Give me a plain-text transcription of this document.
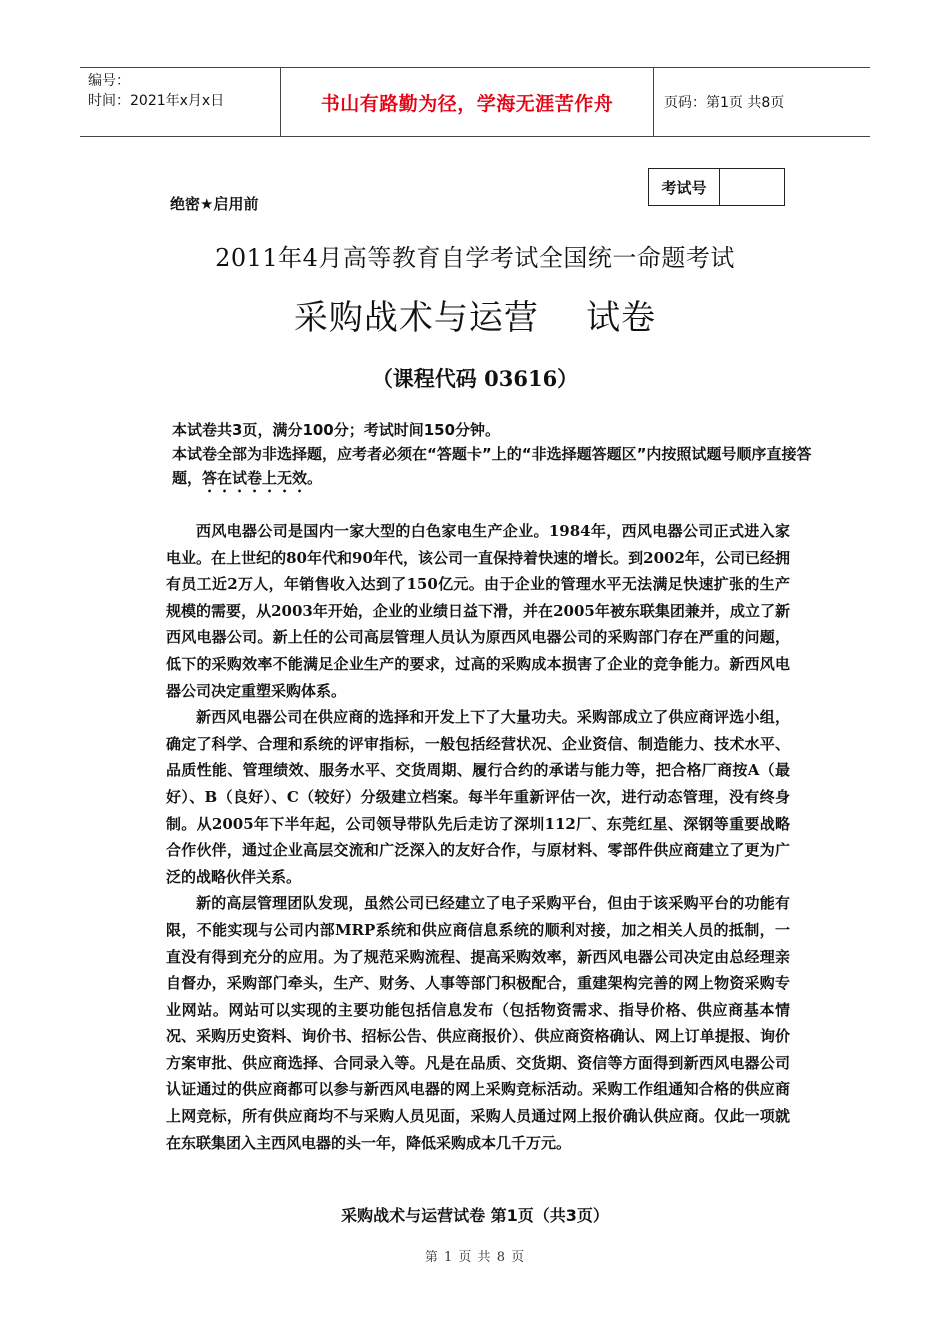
编号：
时间：2021年x月x日	书山有路勤为径，学海无涯苦作舟	页码：第1页 共8页
考试号
绝密★启用前
2011年4月高等教育自学考试全国统一命题考试
采购战术与运营    试卷
（课程代码 03616）

本试卷共3页，满分100分；考试时间150分钟。

本试卷全部为非选择题，应考者必须在“答题卡”上的“非选择题答题区”内按照试题号顺序直接答题，答在试卷上无效。

西风电器公司是国内一家大型的白色家电生产企业。1984年，西风电器公司正式进入家电业。在上世纪的80年代和90年代，该公司一直保持着快速的增长。到2002年，公司已经拥有员工近2万人，年销售收入达到了150亿元。由于企业的管理水平无法满足快速扩张的生产规模的需要，从2003年开始，企业的业绩日益下滑，并在2005年被东联集团兼并，成立了新西风电器公司。新上任的公司高层管理人员认为原西风电器公司的采购部门存在严重的问题，低下的采购效率不能满足企业生产的要求，过高的采购成本损害了企业的竞争能力。新西风电器公司决定重塑采购体系。

新西风电器公司在供应商的选择和开发上下了大量功夫。采购部成立了供应商评选小组，确定了科学、合理和系统的评审指标，一般包括经营状况、企业资信、制造能力、技术水平、品质性能、管理绩效、服务水平、交货周期、履行合约的承诺与能力等，把合格厂商按A（最好）、B（良好）、C（较好）分级建立档案。每半年重新评估一次，进行动态管理，没有终身制。从2005年下半年起，公司领导带队先后走访了深圳112厂、东莞红星、深钢等重要战略合作伙伴，通过企业高层交流和广泛深入的友好合作，与原材料、零部件供应商建立了更为广泛的战略伙伴关系。

新的高层管理团队发现，虽然公司已经建立了电子采购平台，但由于该采购平台的功能有限，不能实现与公司内部MRP系统和供应商信息系统的顺利对接，加之相关人员的抵制，一直没有得到充分的应用。为了规范采购流程、提高采购效率，新西风电器公司决定由总经理亲自督办，采购部门牵头，生产、财务、人事等部门积极配合，重建架构完善的网上物资采购专业网站。网站可以实现的主要功能包括信息发布（包括物资需求、指导价格、供应商基本情况、采购历史资料、询价书、招标公告、供应商报价）、供应商资格确认、网上订单提报、询价方案审批、供应商选择、合同录入等。凡是在品质、交货期、资信等方面得到新西风电器公司认证通过的供应商都可以参与新西风电器的网上采购竞标活动。采购工作组通知合格的供应商上网竞标，所有供应商均不与采购人员见面，采购人员通过网上报价确认供应商。仅此一项就在东联集团入主西风电器的头一年，降低采购成本几千万元。

采购战术与运营试卷 第1页（共3页）
第 1 页 共 8 页
